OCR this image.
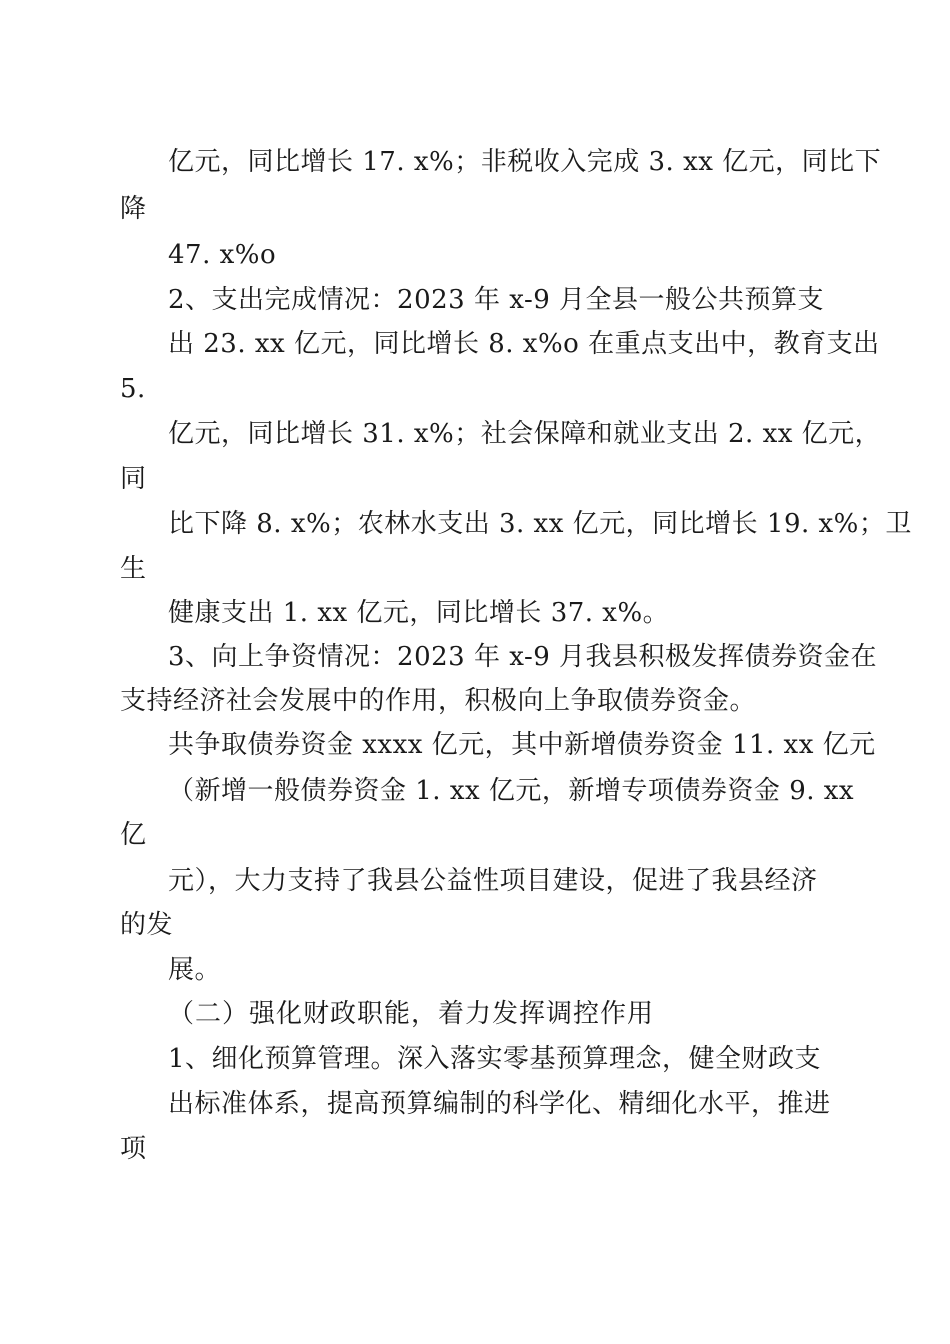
亿元，同比增长 17. x%；非税收入完成 3. xx 亿元，同比下
降
47. x%o
2、支出完成情况：2023 年 x-9 月全县一般公共预算支
出 23. xx 亿元，同比增长 8. x%o 在重点支出中，教育支出
5.
亿元，同比增长 31. x%；社会保障和就业支出 2. xx 亿元，
同
比下降 8. x%；农林水支出 3. xx 亿元，同比增长 19. x%；卫
生
健康支出 1. xx 亿元，同比增长 37. x%。
3、向上争资情况：2023 年 x-9 月我县积极发挥债券资金在
支持经济社会发展中的作用，积极向上争取债券资金。
共争取债券资金 xxxx 亿元，其中新增债券资金 11. xx 亿元
（新增一般债券资金 1. xx 亿元，新增专项债券资金 9. xx
亿
元），大力支持了我县公益性项目建设，促进了我县经济
的发
展。
（二）强化财政职能，着力发挥调控作用
1、细化预算管理。深入落实零基预算理念，健全财政支
出标准体系，提高预算编制的科学化、精细化水平，推进
项
